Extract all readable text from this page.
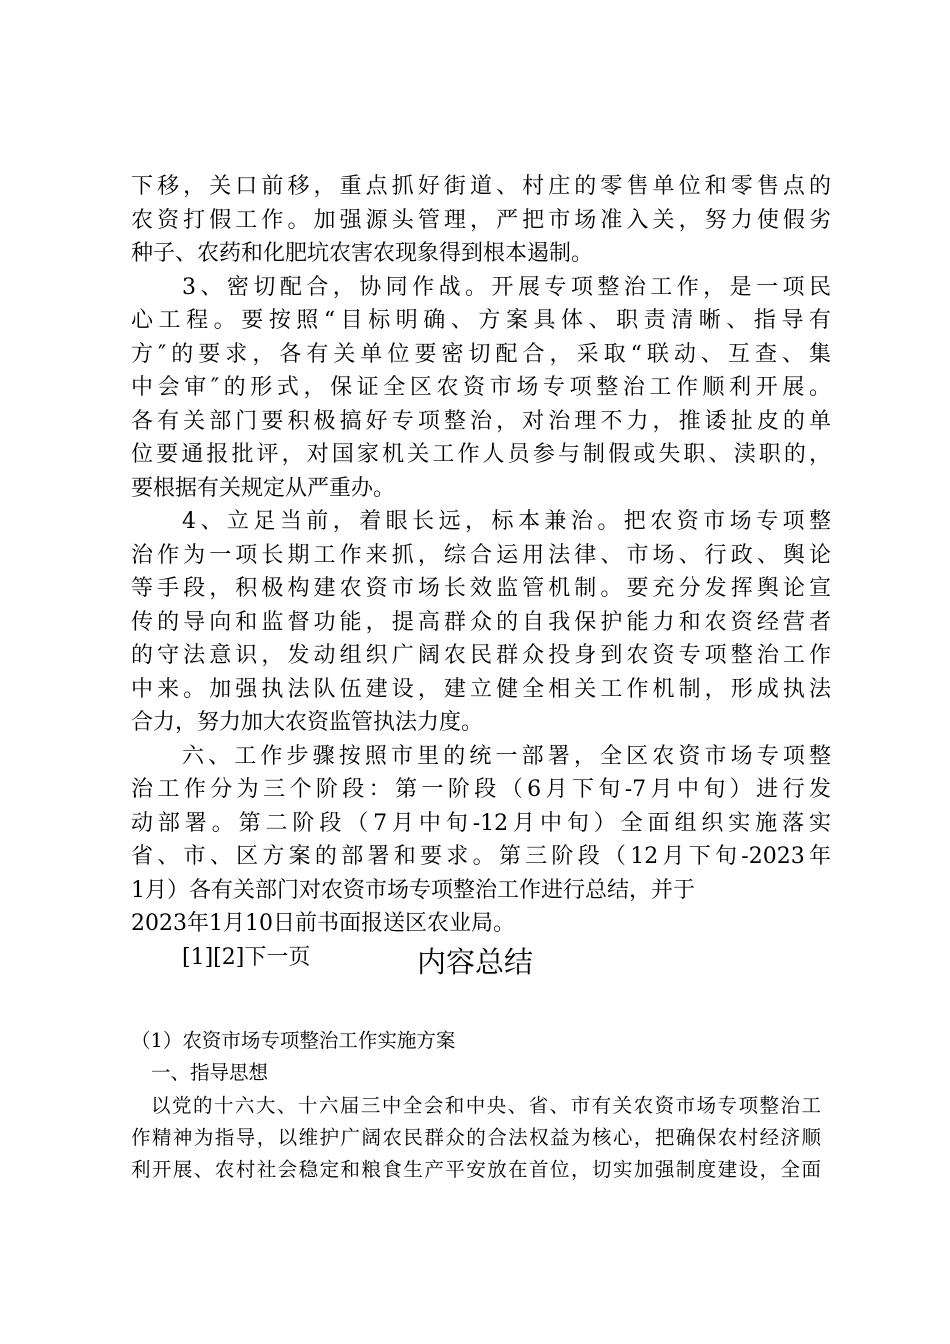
下移，关口前移，重点抓好街道、村庄的零售单位和零售点的
农资打假工作。加强源头管理，严把市场准入关，努力使假劣
种子、农药和化肥坑农害农现象得到根本遏制。
3、密切配合，协同作战。开展专项整治工作，是一项民
心工程。要按照“目标明确、方案具体、职责清晰、指导有
方″的要求，各有关单位要密切配合，采取“联动、互查、集
中会审″的形式，保证全区农资市场专项整治工作顺利开展。
各有关部门要积极搞好专项整治，对治理不力，推诿扯皮的单
位要通报批评，对国家机关工作人员参与制假或失职、渎职的，
要根据有关规定从严重办。
4、立足当前，着眼长远，标本兼治。把农资市场专项整
治作为一项长期工作来抓，综合运用法律、市场、行政、舆论
等手段，积极构建农资市场长效监管机制。要充分发挥舆论宣
传的导向和监督功能，提高群众的自我保护能力和农资经营者
的守法意识，发动组织广阔农民群众投身到农资专项整治工作
中来。加强执法队伍建设，建立健全相关工作机制，形成执法
合力，努力加大农资监管执法力度。
六、工作步骤按照市里的统一部署，全区农资市场专项整
治工作分为三个阶段：第一阶段（6月下旬-7月中旬）进行发
动部署。第二阶段（7月中旬-12月中旬）全面组织实施落实
省、市、区方案的部署和要求。第三阶段（12月下旬-2023年
1月）各有关部门对农资市场专项整治工作进行总结，并于
2023年1月10日前书面报送区农业局。
[1][2]下一页	内容总结
（1）农资市场专项整治工作实施方案
一、指导思想
以党的十六大、十六届三中全会和中央、省、市有关农资市场专项整治工
作精神为指导，以维护广阔农民群众的合法权益为核心，把确保农村经济顺
利开展、农村社会稳定和粮食生产平安放在首位，切实加强制度建设，全面
